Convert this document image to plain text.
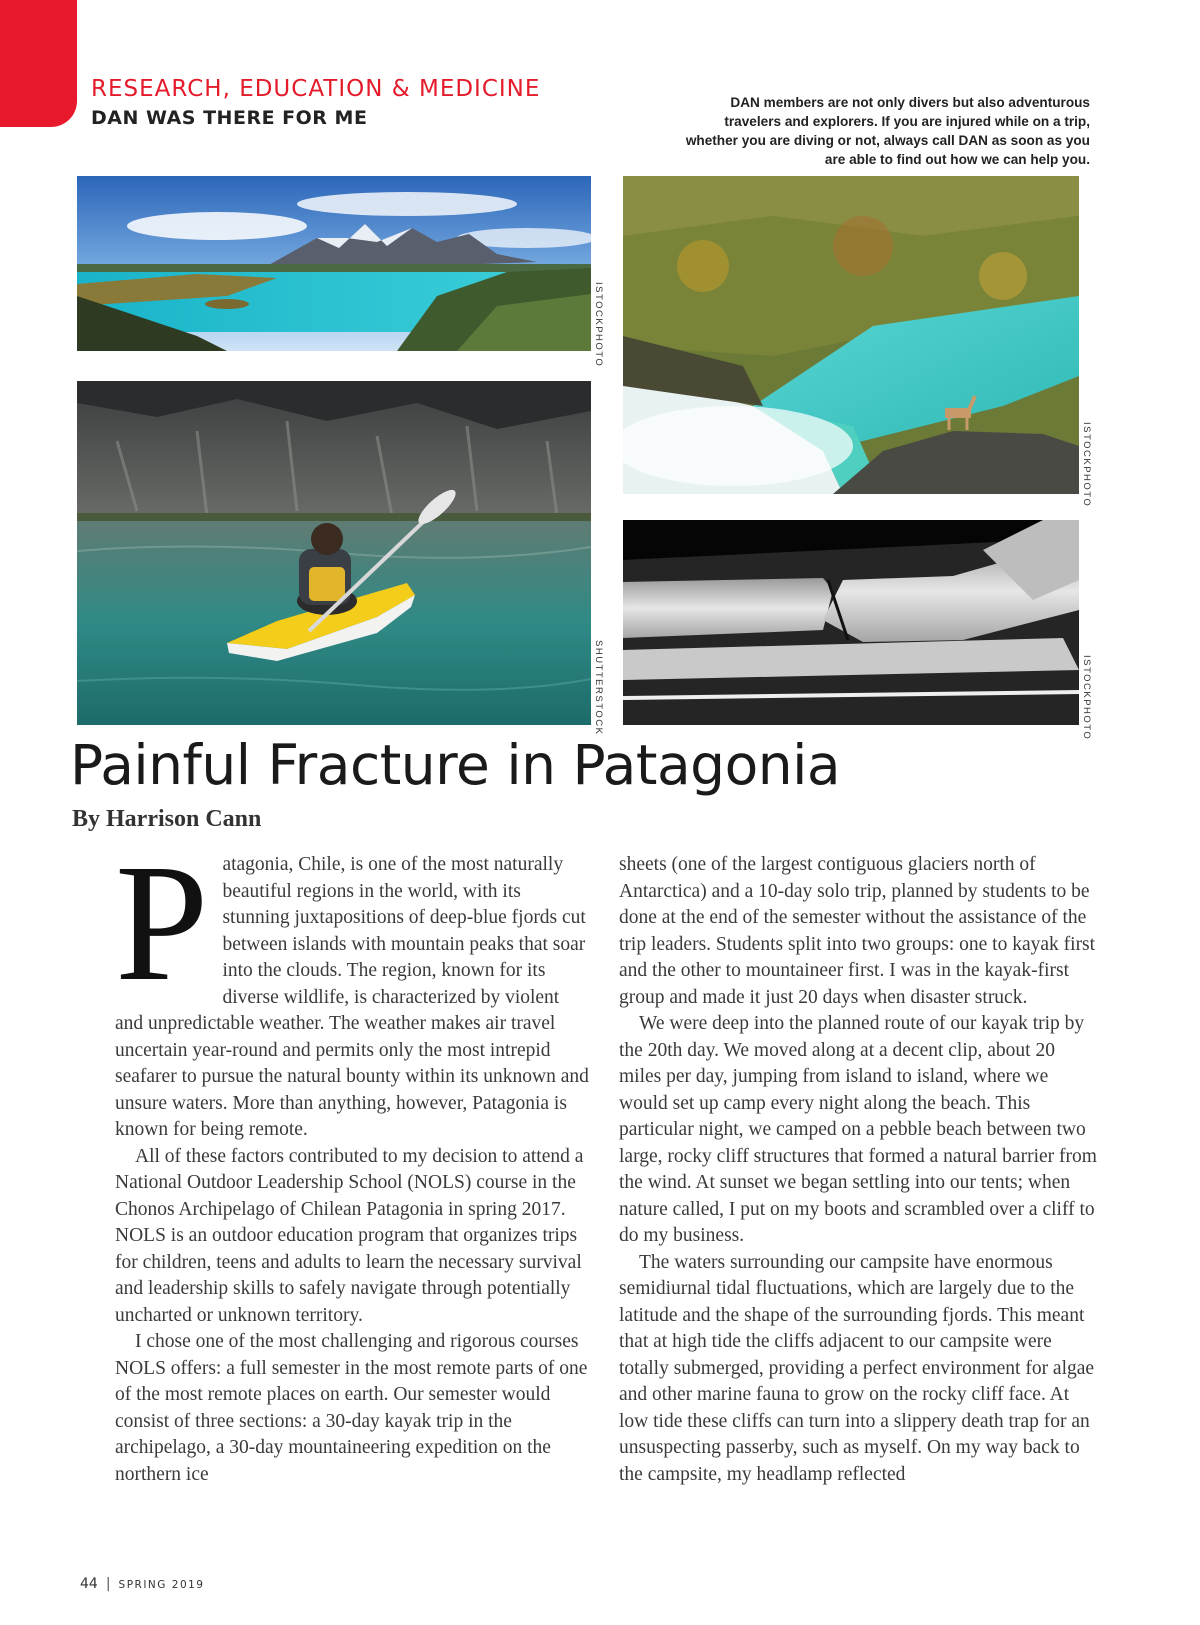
RESEARCH, EDUCATION & MEDICINE
DAN WAS THERE FOR ME
DAN members are not only divers but also adventurous travelers and explorers. If you are injured while on a trip, whether you are diving or not, always call DAN as soon as you are able to find out how we can help you.
ISTOCKPHOTO
SHUTTERSTOCK
ISTOCKPHOTO
ISTOCKPHOTO
Painful Fracture in Patagonia
By Harrison Cann

Patagonia, Chile, is one of the most naturally beautiful regions in the world, with its stunning juxtapositions of deep-blue fjords cut between islands with mountain peaks that soar into the clouds. The region, known for its diverse wildlife, is characterized by violent and unpredictable weather. The weather makes air travel uncertain year-round and permits only the most intrepid seafarer to pursue the natural bounty within its unknown and unsure waters. More than anything, however, Patagonia is known for being remote.

All of these factors contributed to my decision to attend a National Outdoor Leadership School (NOLS) course in the Chonos Archipelago of Chilean Patagonia in spring 2017. NOLS is an outdoor education program that organizes trips for children, teens and adults to learn the necessary survival and leadership skills to safely navigate through potentially uncharted or unknown territory.

I chose one of the most challenging and rigorous courses NOLS offers: a full semester in the most remote parts of one of the most remote places on earth. Our semester would consist of three sections: a 30-day kayak trip in the archipelago, a 30-day mountaineering expedition on the northern ice

sheets (one of the largest contiguous glaciers north of Antarctica) and a 10-day solo trip, planned by students to be done at the end of the semester without the assistance of the trip leaders. Students split into two groups: one to kayak first and the other to mountaineer first. I was in the kayak-first group and made it just 20 days when disaster struck.

We were deep into the planned route of our kayak trip by the 20th day. We moved along at a decent clip, about 20 miles per day, jumping from island to island, where we would set up camp every night along the beach. This particular night, we camped on a pebble beach between two large, rocky cliff structures that formed a natural barrier from the wind. At sunset we began settling into our tents; when nature called, I put on my boots and scrambled over a cliff to do my business.

The waters surrounding our campsite have enormous semidiurnal tidal fluctuations, which are largely due to the latitude and the shape of the surrounding fjords. This meant that at high tide the cliffs adjacent to our campsite were totally submerged, providing a perfect environment for algae and other marine fauna to grow on the rocky cliff face. At low tide these cliffs can turn into a slippery death trap for an unsuspecting passerby, such as myself. On my way back to the campsite, my headlamp reflected

44 | SPRING 2019
